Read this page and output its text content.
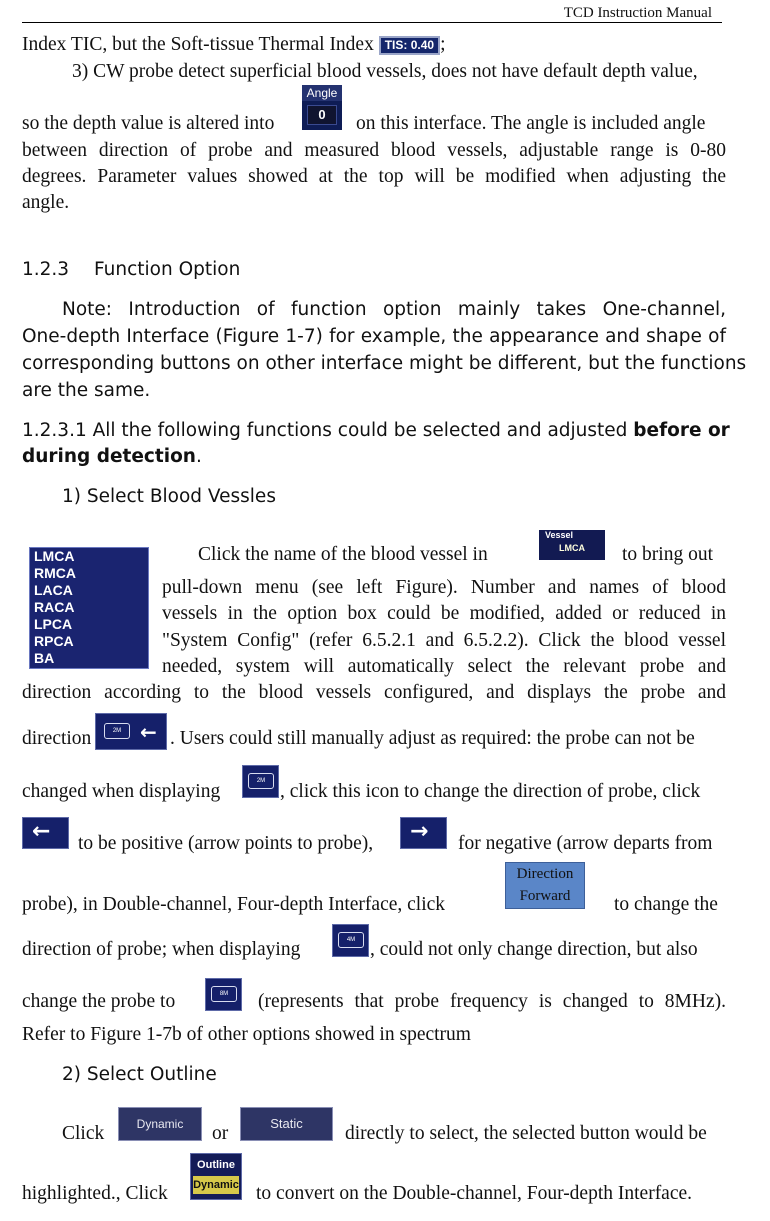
TCD Instruction Manual
Index TIC, but the Soft-tissue Thermal Index TIS: 0.40 ;
3) CW probe detect superficial blood vessels, does not have default depth value,
Angle
0
so the depth value is altered into	on this interface. The angle is included angle
between direction of probe and measured blood vessels, adjustable range is 0-80
degrees. Parameter values showed at the top will be modified when adjusting the
angle.
1.2.3 Function Option
Note: Introduction of function option mainly takes One-channel,
One-depth Interface (Figure 1-7) for example, the appearance and shape of
corresponding buttons on other interface might be different, but the functions
are the same.
1.2.3.1 All the following functions could be selected and adjusted before or
during detection.
1) Select Blood Vessles
LMCA
RMCA
LACA
RACA
LPCA
RPCA
BA
Vessel
LMCA
Click the name of the blood vessel in	to bring out
pull-down menu (see left Figure). Number and names of blood
vessels in the option box could be modified, added or reduced in
"System Config" (refer 6.5.2.1 and 6.5.2.2). Click the blood vessel
needed, system will automatically select the relevant probe and
direction according to the blood vessels configured, and displays the probe and
direction	. Users could still manually adjust as required: the probe can not be
2M ←
changed when displaying	, click this icon to change the direction of probe, click
2M
← to be positive (arrow points to probe),	→ for negative (arrow departs from
Direction
Forward
probe), in Double-channel, Four-depth Interface, click	to change the
direction of probe; when displaying	, could not only change direction, but also
4M
change the probe to	8M	(represents that probe frequency is changed to 8MHz).
Refer to Figure 1-7b of other options showed in spectrum
2) Select Outline
Click	Dynamic	or	Static	directly to select, the selected button would be
highlighted., Click
Outline
Dynamic to convert on the Double-channel, Four-depth Interface.
